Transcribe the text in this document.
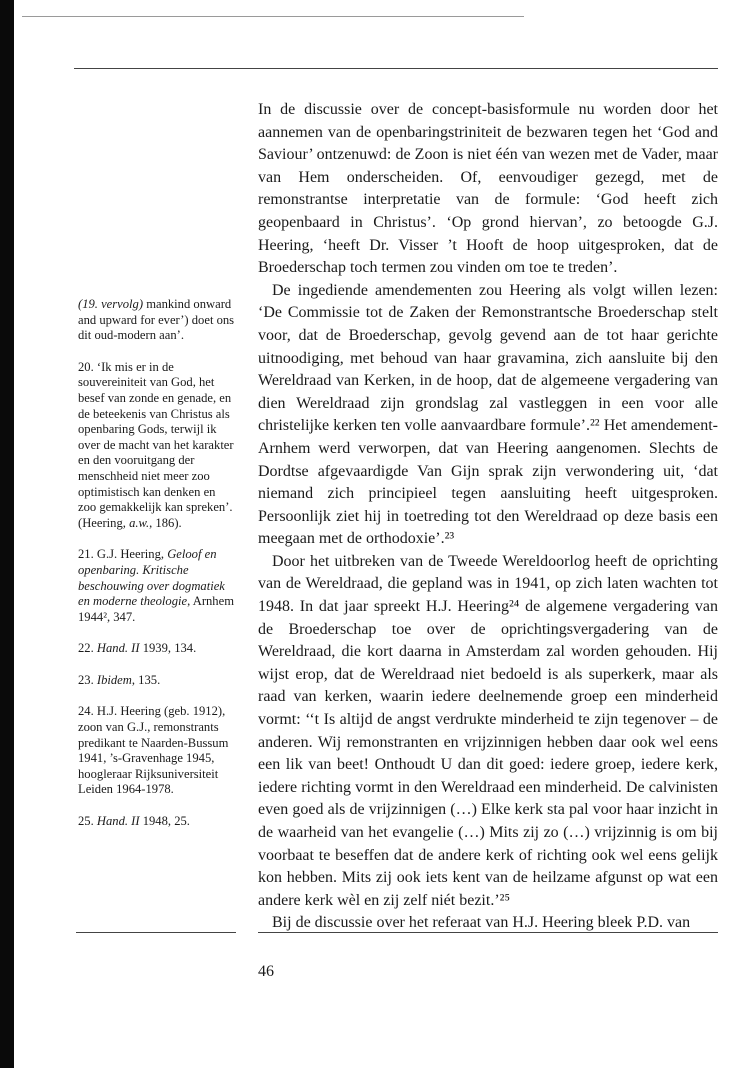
(19. vervolg) mankind onward and upward for ever’) doet ons dit oud-modern aan’.

20. ‘Ik mis er in de souvereiniteit van God, het besef van zonde en genade, en de beteekenis van Christus als openbaring Gods, terwijl ik over de macht van het karakter en den vooruitgang der menschheid niet meer zoo optimistisch kan denken en zoo gemakkelijk kan spreken’. (Heering, a.w., 186).

21. G.J. Heering, Geloof en openbaring. Kritische beschouwing over dogmatiek en moderne theologie, Arnhem 1944², 347.

22. Hand. II 1939, 134.

23. Ibidem, 135.

24. H.J. Heering (geb. 1912), zoon van G.J., remonstrants predikant te Naarden-Bussum 1941, ’s-Gravenhage 1945, hoogleraar Rijksuniversiteit Leiden 1964-1978.

25. Hand. II 1948, 25.

In de discussie over de concept-basisformule nu worden door het aannemen van de openbaringstriniteit de bezwaren tegen het ‘God and Saviour’ ontzenuwd: de Zoon is niet één van wezen met de Vader, maar van Hem onderscheiden. Of, eenvoudiger gezegd, met de remonstrantse interpretatie van de formule: ‘God heeft zich geopenbaard in Christus’. ‘Op grond hiervan’, zo betoogde G.J. Heering, ‘heeft Dr. Visser ’t Hooft de hoop uitgesproken, dat de Broederschap toch termen zou vinden om toe te treden’.

De ingediende amendementen zou Heering als volgt willen lezen: ‘De Commissie tot de Zaken der Remonstrantsche Broederschap stelt voor, dat de Broederschap, gevolg gevend aan de tot haar gerichte uitnoodiging, met behoud van haar gravamina, zich aansluite bij den Wereldraad van Kerken, in de hoop, dat de algemeene vergadering van dien Wereldraad zijn grondslag zal vastleggen in een voor alle christelijke kerken ten volle aanvaardbare formule’.²² Het amendement-Arnhem werd verworpen, dat van Heering aangenomen. Slechts de Dordtse afgevaardigde Van Gijn sprak zijn verwondering uit, ‘dat niemand zich principieel tegen aansluiting heeft uitgesproken. Persoonlijk ziet hij in toetreding tot den Wereldraad op deze basis een meegaan met de orthodoxie’.²³

Door het uitbreken van de Tweede Wereldoorlog heeft de oprichting van de Wereldraad, die gepland was in 1941, op zich laten wachten tot 1948. In dat jaar spreekt H.J. Heering²⁴ de algemene vergadering van de Broederschap toe over de oprichtingsvergadering van de Wereldraad, die kort daarna in Amsterdam zal worden gehouden. Hij wijst erop, dat de Wereldraad niet bedoeld is als superkerk, maar als raad van kerken, waarin iedere deelnemende groep een minderheid vormt: ‘‘t Is altijd de angst verdrukte minderheid te zijn tegenover – de anderen. Wij remonstranten en vrijzinnigen hebben daar ook wel eens een lik van beet! Onthoudt U dan dit goed: iedere groep, iedere kerk, iedere richting vormt in den Wereldraad een minderheid. De calvinisten even goed als de vrijzinnigen (…) Elke kerk sta pal voor haar inzicht in de waarheid van het evangelie (…) Mits zij zo (…) vrijzinnig is om bij voorbaat te beseffen dat de andere kerk of richting ook wel eens gelijk kon hebben. Mits zij ook iets kent van de heilzame afgunst op wat een andere kerk wèl en zij zelf niét bezit.’²⁵

Bij de discussie over het referaat van H.J. Heering bleek P.D. van

46
